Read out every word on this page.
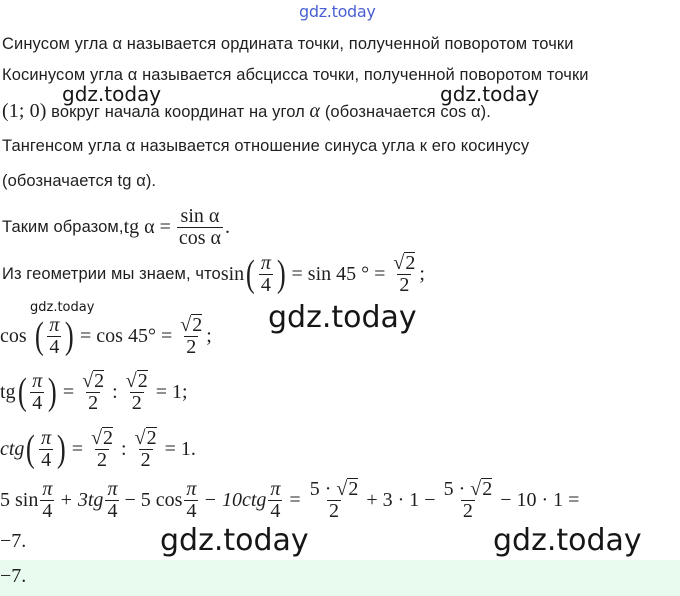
gdz.today
Синусом угла α называется ордината точки, полученной поворотом точки
Косинусом угла α называется абсцисса точки, полученной поворотом точки
gdz.today	gdz.today
(1; 0) вокруг начала координат на угол α (обозначается cos α).
Тангенсом угла α называется отношение синуса угла к его косинусу
(обозначается tg α).
Таким образом, tg $\alpha = \frac{\text{sin α}}{\text{cos α}}$ .
Из геометрии мы знаем, что sin ( $\frac{\pi}{4}$ ) = sin 45 ° = $\frac{√ 2}{2}$ ;
gdz.today	gdz.today
cos ( $\frac{\pi}{4}$ ) = $\cos 45^\circ = \frac{√ 2}{2}$ ;
tg ( $\frac{\pi}{4}$ ) = $\frac{√ 2}{2}$ : $\frac{√ 2}{2} = 1$;
ctg ( $\frac{\pi}{4}$ ) = $\frac{√ 2}{2}$ : $\frac{√ 2}{2} = 1$.
5 $\sin \frac{\pi}{4} + 3tg \frac{\pi}{4} - 5$ $\cos \frac{\pi}{4} - 10ctg \frac{\pi}{4} = \frac{5 \cdot √ 2}{2} + 3 \cdot 1 - \frac{5 \cdot √ 2}{2} - 10 \cdot 1$ =
−7.	gdz.today	gdz.today
−7.
